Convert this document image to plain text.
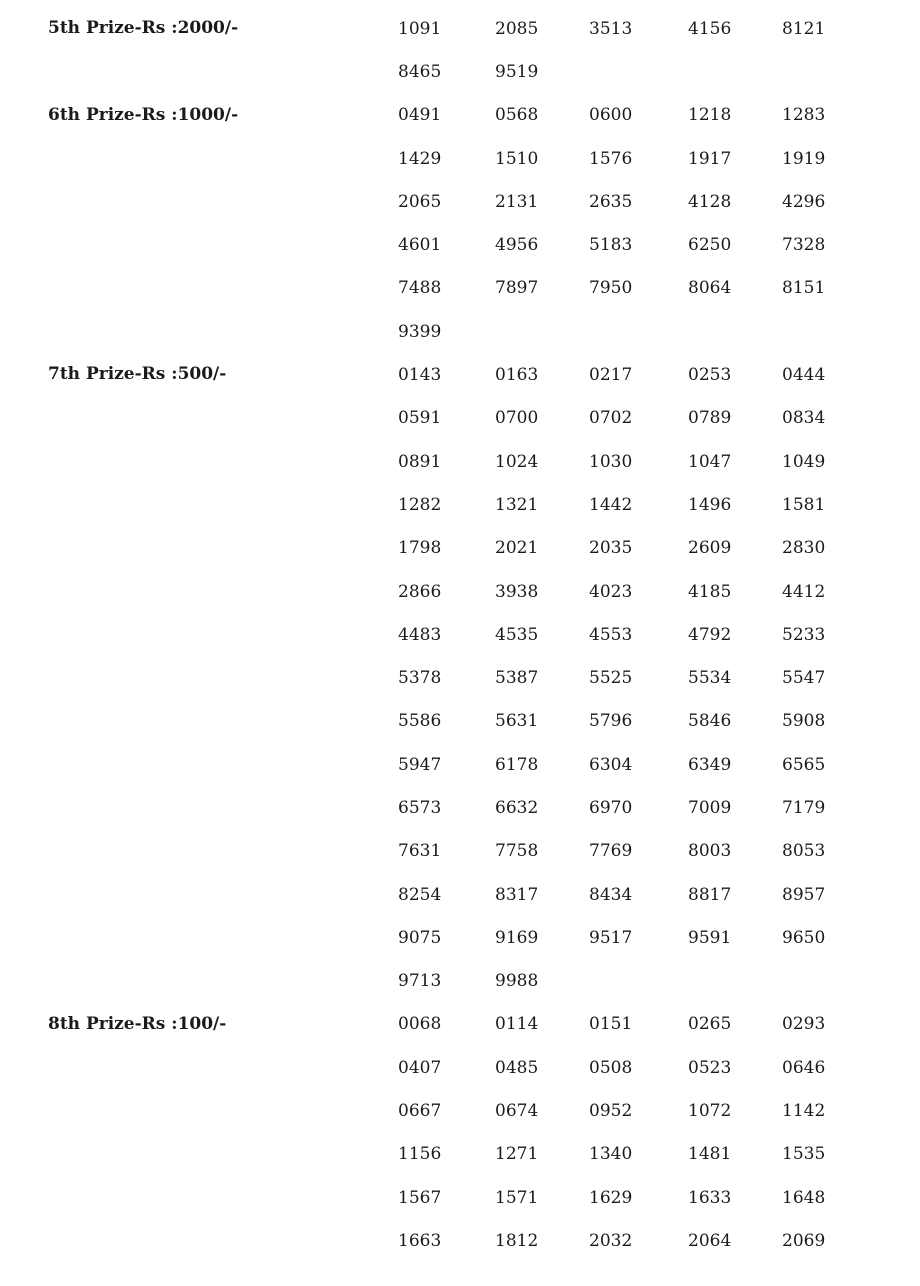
5th Prize-Rs :2000/-	1091	2085	3513	4156	8121
8465	9519
6th Prize-Rs :1000/-	0491	0568	0600	1218	1283
1429	1510	1576	1917	1919
2065	2131	2635	4128	4296
4601	4956	5183	6250	7328
7488	7897	7950	8064	8151
9399
7th Prize-Rs :500/-	0143	0163	0217	0253	0444
0591	0700	0702	0789	0834
0891	1024	1030	1047	1049
1282	1321	1442	1496	1581
1798	2021	2035	2609	2830
2866	3938	4023	4185	4412
4483	4535	4553	4792	5233
5378	5387	5525	5534	5547
5586	5631	5796	5846	5908
5947	6178	6304	6349	6565
6573	6632	6970	7009	7179
7631	7758	7769	8003	8053
8254	8317	8434	8817	8957
9075	9169	9517	9591	9650
9713	9988
8th Prize-Rs :100/-	0068	0114	0151	0265	0293
0407	0485	0508	0523	0646
0667	0674	0952	1072	1142
1156	1271	1340	1481	1535
1567	1571	1629	1633	1648
1663	1812	2032	2064	2069
